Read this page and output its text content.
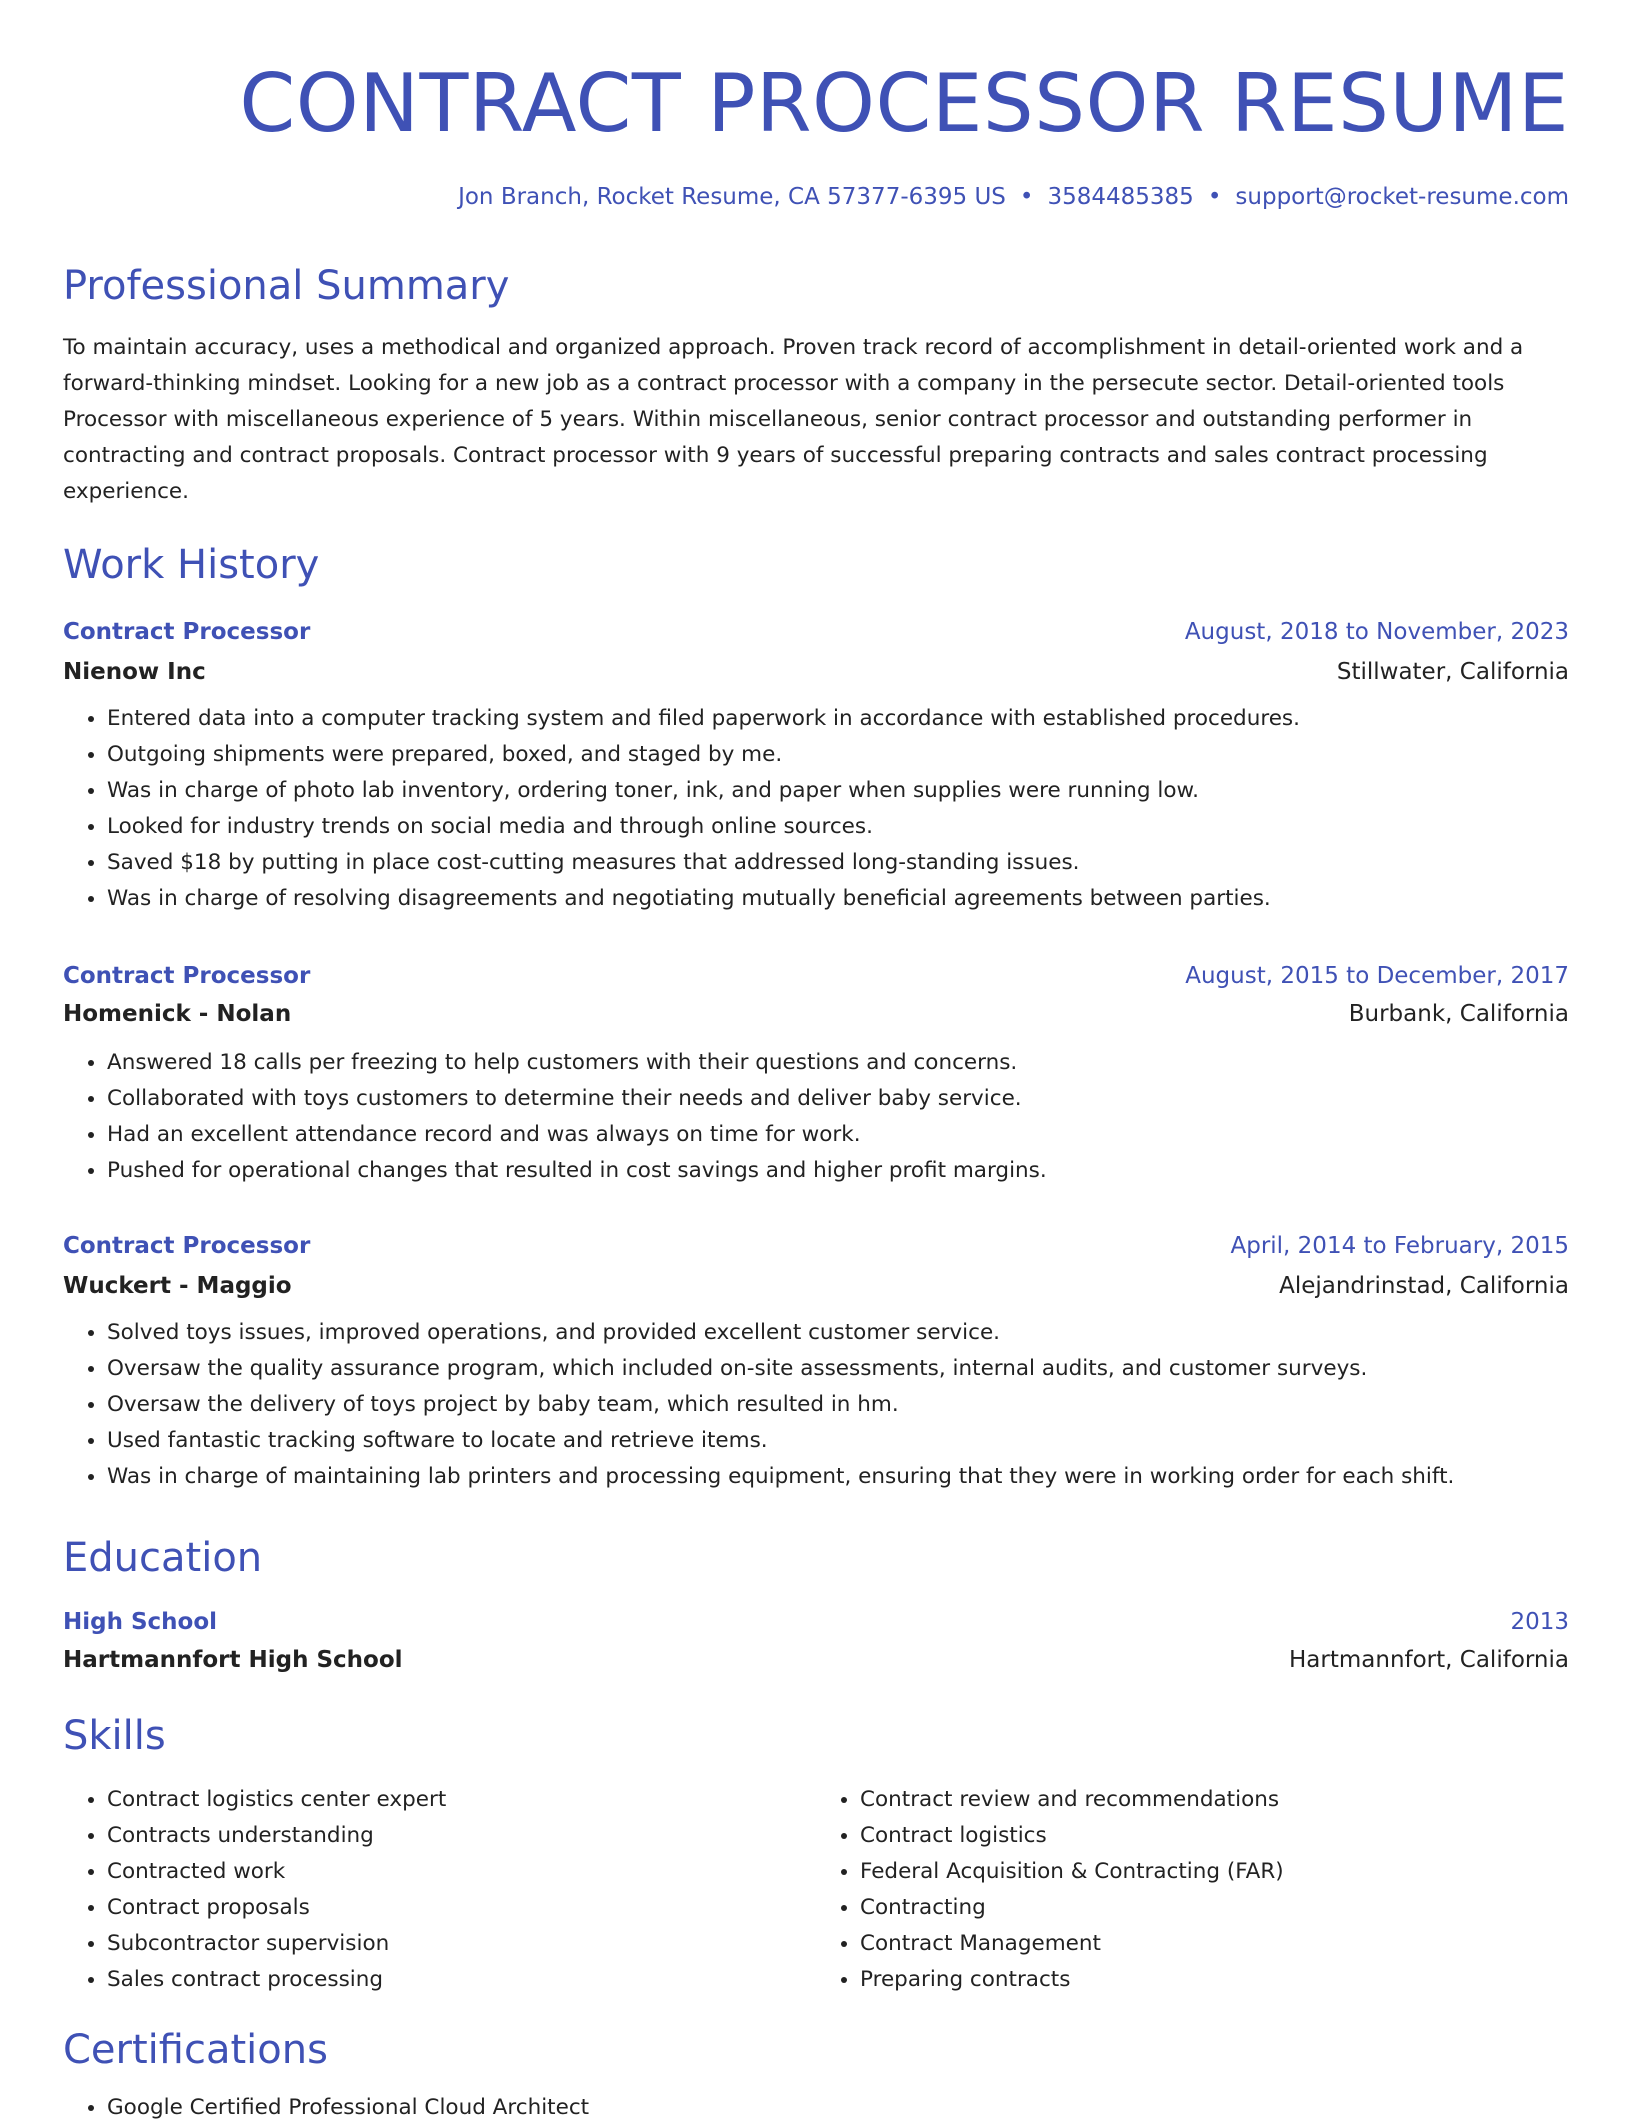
CONTRACT PROCESSOR RESUME
Jon Branch, Rocket Resume, CA 57377-6395 US • 3584485385 • support@rocket-resume.com
Professional Summary

To maintain accuracy, uses a methodical and organized approach. Proven track record of accomplishment in detail-oriented work and a forward-thinking mindset. Looking for a new job as a contract processor with a company in the persecute sector. Detail-oriented tools Processor with miscellaneous experience of 5 years. Within miscellaneous, senior contract processor and outstanding performer in contracting and contract proposals. Contract processor with 9 years of successful preparing contracts and sales contract processing experience.

Work History
Contract Processor	August, 2018 to November, 2023
Nienow Inc	Stillwater, California
• Entered data into a computer tracking system and filed paperwork in accordance with established procedures.
• Outgoing shipments were prepared, boxed, and staged by me.
• Was in charge of photo lab inventory, ordering toner, ink, and paper when supplies were running low.
• Looked for industry trends on social media and through online sources.
• Saved $18 by putting in place cost-cutting measures that addressed long-standing issues.
• Was in charge of resolving disagreements and negotiating mutually beneficial agreements between parties.
Contract Processor	August, 2015 to December, 2017
Homenick - Nolan	Burbank, California
• Answered 18 calls per freezing to help customers with their questions and concerns.
• Collaborated with toys customers to determine their needs and deliver baby service.
• Had an excellent attendance record and was always on time for work.
• Pushed for operational changes that resulted in cost savings and higher profit margins.
Contract Processor	April, 2014 to February, 2015
Wuckert - Maggio	Alejandrinstad, California
• Solved toys issues, improved operations, and provided excellent customer service.
• Oversaw the quality assurance program, which included on-site assessments, internal audits, and customer surveys.
• Oversaw the delivery of toys project by baby team, which resulted in hm.
• Used fantastic tracking software to locate and retrieve items.
• Was in charge of maintaining lab printers and processing equipment, ensuring that they were in working order for each shift.
Education
High School	2013
Hartmannfort High School	Hartmannfort, California
Skills
• Contract logistics center expert
• Contracts understanding
• Contracted work
• Contract proposals
• Subcontractor supervision
• Sales contract processing
• Contract review and recommendations
• Contract logistics
• Federal Acquisition & Contracting (FAR)
• Contracting
• Contract Management
• Preparing contracts
Certifications
• Google Certified Professional Cloud Architect
